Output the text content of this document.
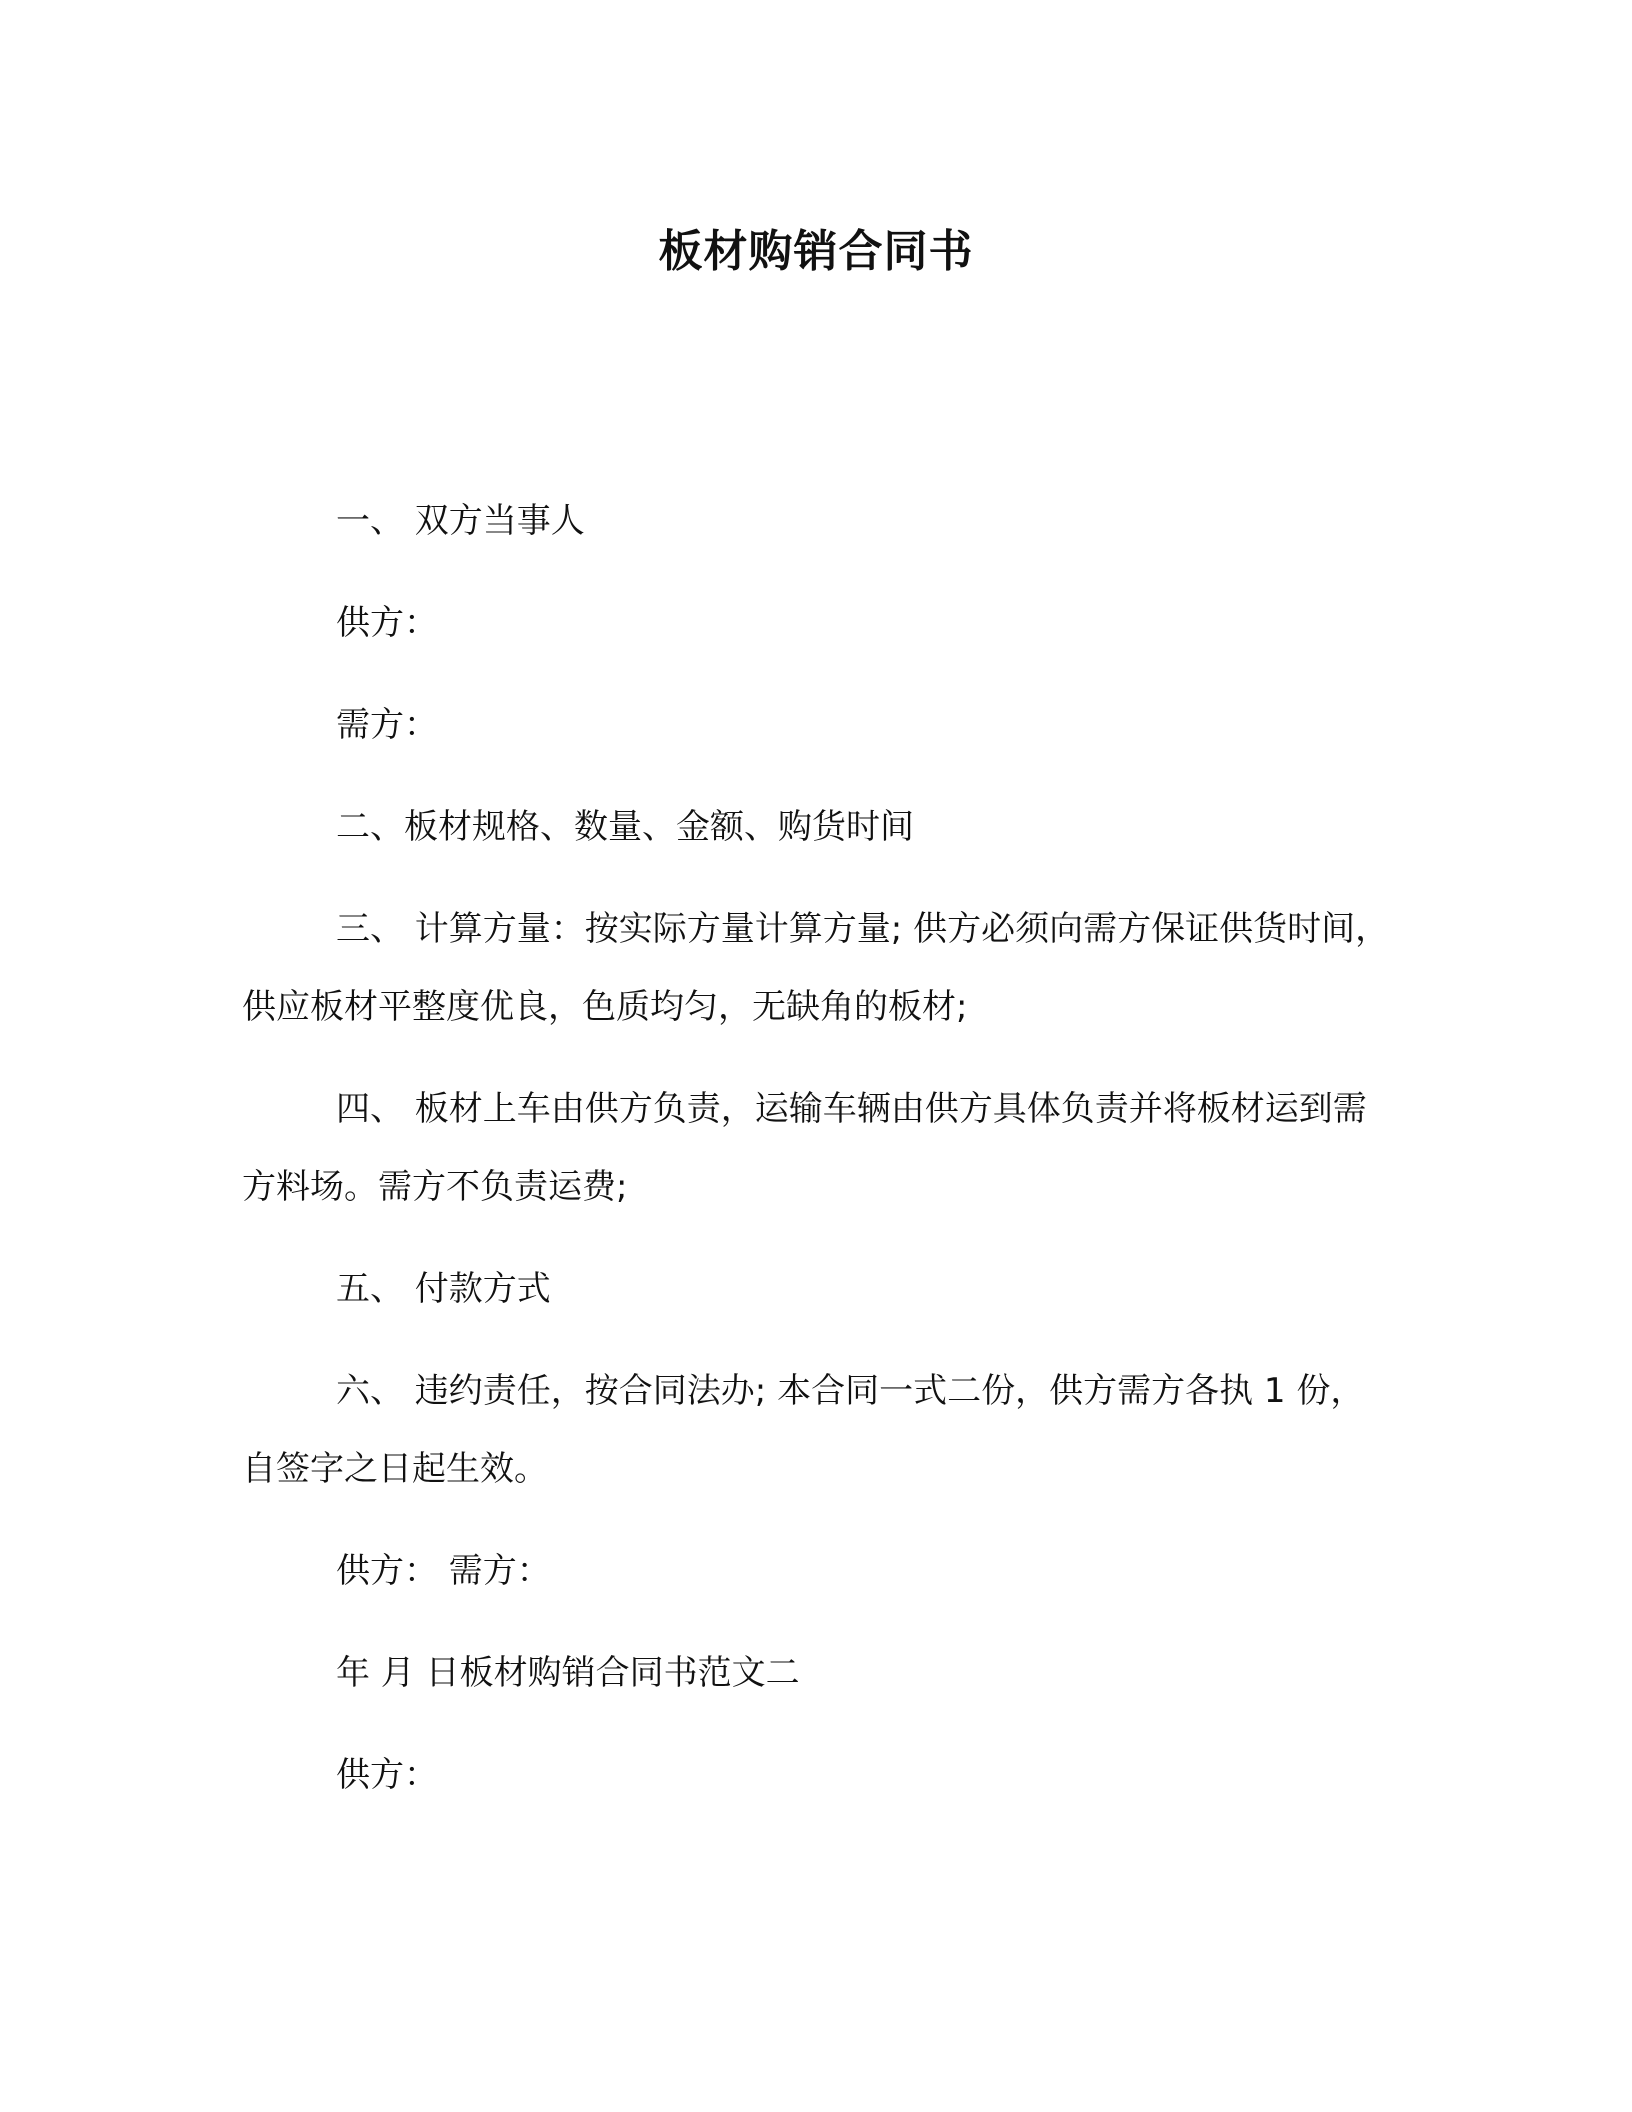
板材购销合同书

一、 双方当事人

供方：

需方：

二、板材规格、数量、金额、购货时间

三、 计算方量：按实际方量计算方量; 供方必须向需方保证供货时间，供应板材平整度优良，色质均匀，无缺角的板材;

四、 板材上车由供方负责，运输车辆由供方具体负责并将板材运到需方料场。需方不负责运费;

五、 付款方式

六、 违约责任，按合同法办; 本合同一式二份，供方需方各执 1 份，自签字之日起生效。

供方： 需方：

年 月 日板材购销合同书范文二

供方：
